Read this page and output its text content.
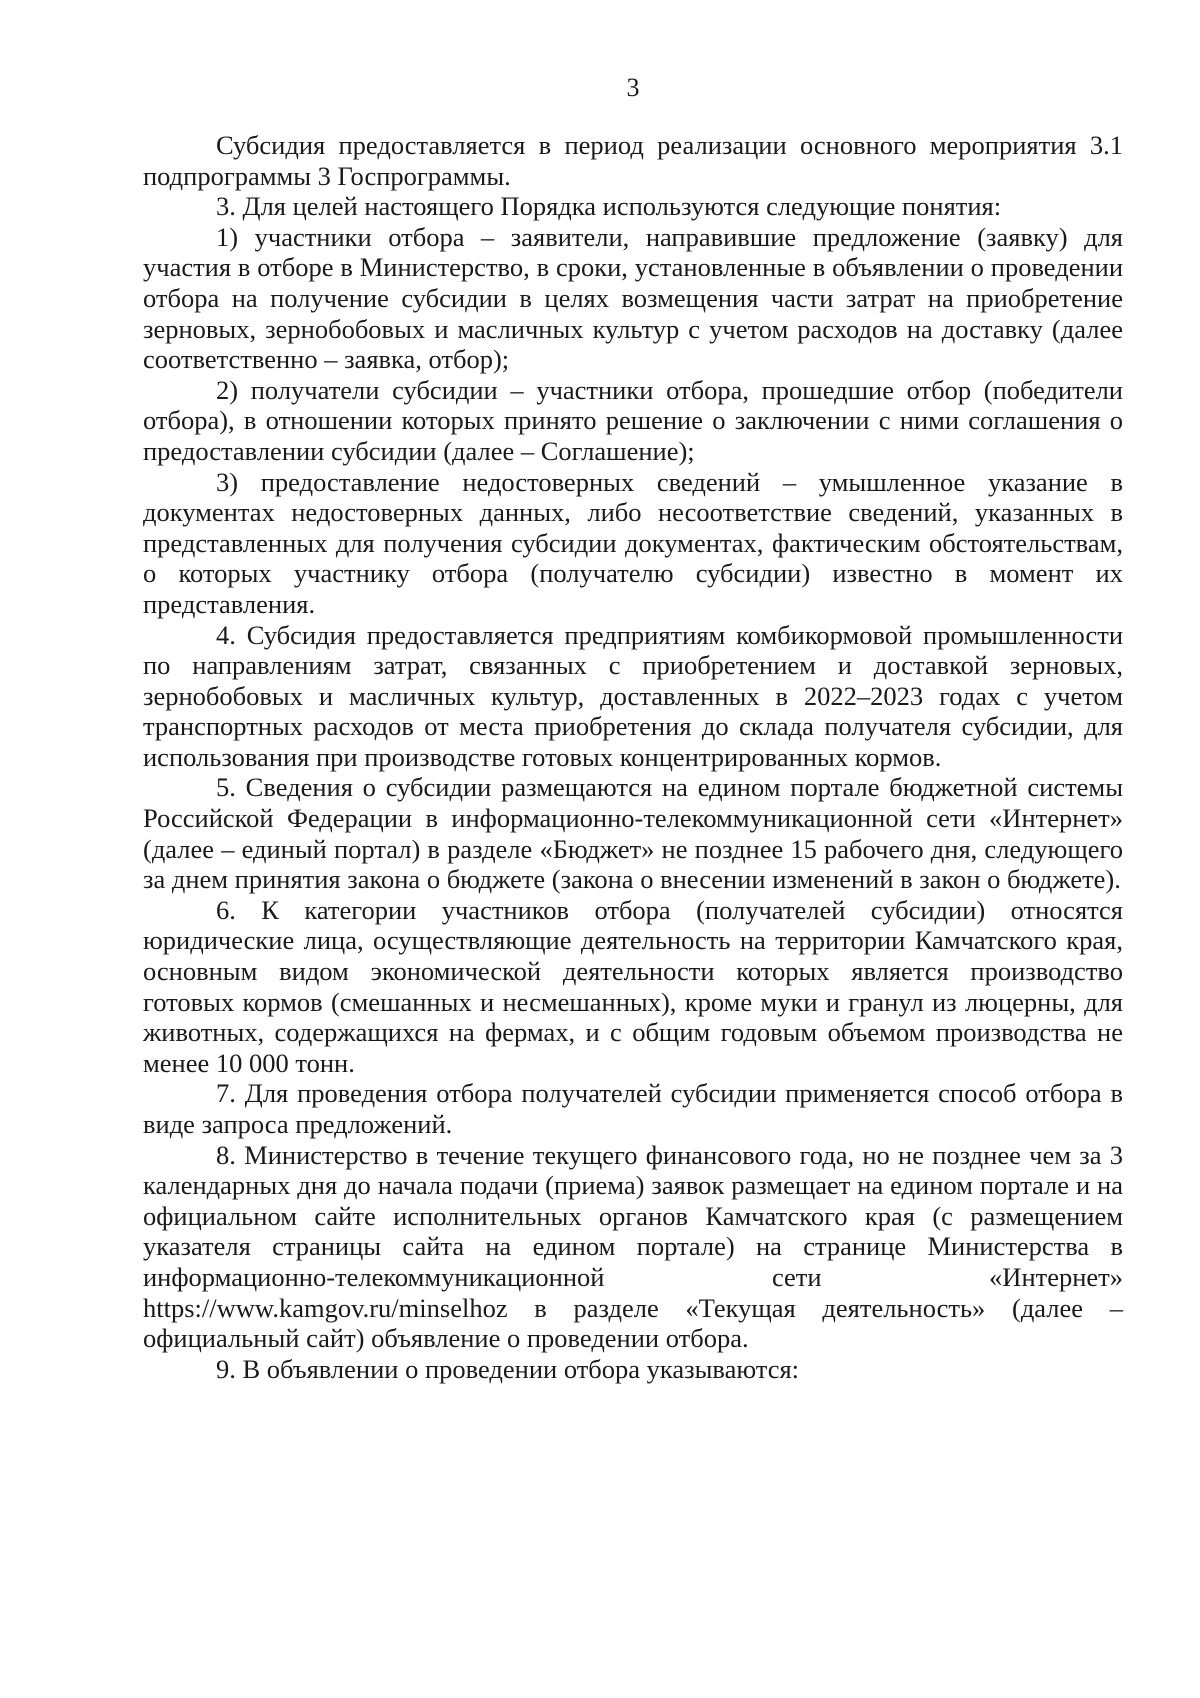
3

Субсидия предоставляется в период реализации основного мероприятия 3.1 подпрограммы 3 Госпрограммы.

3. Для целей настоящего Порядка используются следующие понятия:

1) участники отбора – заявители, направившие предложение (заявку) для участия в отборе в Министерство, в сроки, установленные в объявлении о проведении отбора на получение субсидии в целях возмещения части затрат на приобретение зерновых, зернобобовых и масличных культур с учетом расходов на доставку (далее соответственно – заявка, отбор);

2) получатели субсидии – участники отбора, прошедшие отбор (победители отбора), в отношении которых принято решение о заключении с ними соглашения о предоставлении субсидии (далее – Соглашение);

3) предоставление недостоверных сведений – умышленное указание в документах недостоверных данных, либо несоответствие сведений, указанных в представленных для получения субсидии документах, фактическим обстоятельствам, о которых участнику отбора (получателю субсидии) известно в момент их представления.

4. Субсидия предоставляется предприятиям комбикормовой промышленности по направлениям затрат, связанных с приобретением и доставкой зерновых, зернобобовых и масличных культур, доставленных в 2022–2023 годах с учетом транспортных расходов от места приобретения до склада получателя субсидии, для использования при производстве готовых концентрированных кормов.

5. Сведения о субсидии размещаются на едином портале бюджетной системы Российской Федерации в информационно-телекоммуникационной сети «Интернет» (далее – единый портал) в разделе «Бюджет» не позднее 15 рабочего дня, следующего за днем принятия закона о бюджете (закона о внесении изменений в закон о бюджете).

6. К категории участников отбора (получателей субсидии) относятся юридические лица, осуществляющие деятельность на территории Камчатского края, основным видом экономической деятельности которых является производство готовых кормов (смешанных и несмешанных), кроме муки и гранул из люцерны, для животных, содержащихся на фермах, и с общим годовым объемом производства не менее 10 000 тонн.

7. Для проведения отбора получателей субсидии применяется способ отбора в виде запроса предложений.

8. Министерство в течение текущего финансового года, но не позднее чем за 3 календарных дня до начала подачи (приема) заявок размещает на едином портале и на официальном сайте исполнительных органов Камчатского края (с размещением указателя страницы сайта на едином портале) на странице Министерства в информационно-телекоммуникационной сети «Интернет» https://www.kamgov.ru/minselhoz в разделе «Текущая деятельность» (далее – официальный сайт) объявление о проведении отбора.

9. В объявлении о проведении отбора указываются:
